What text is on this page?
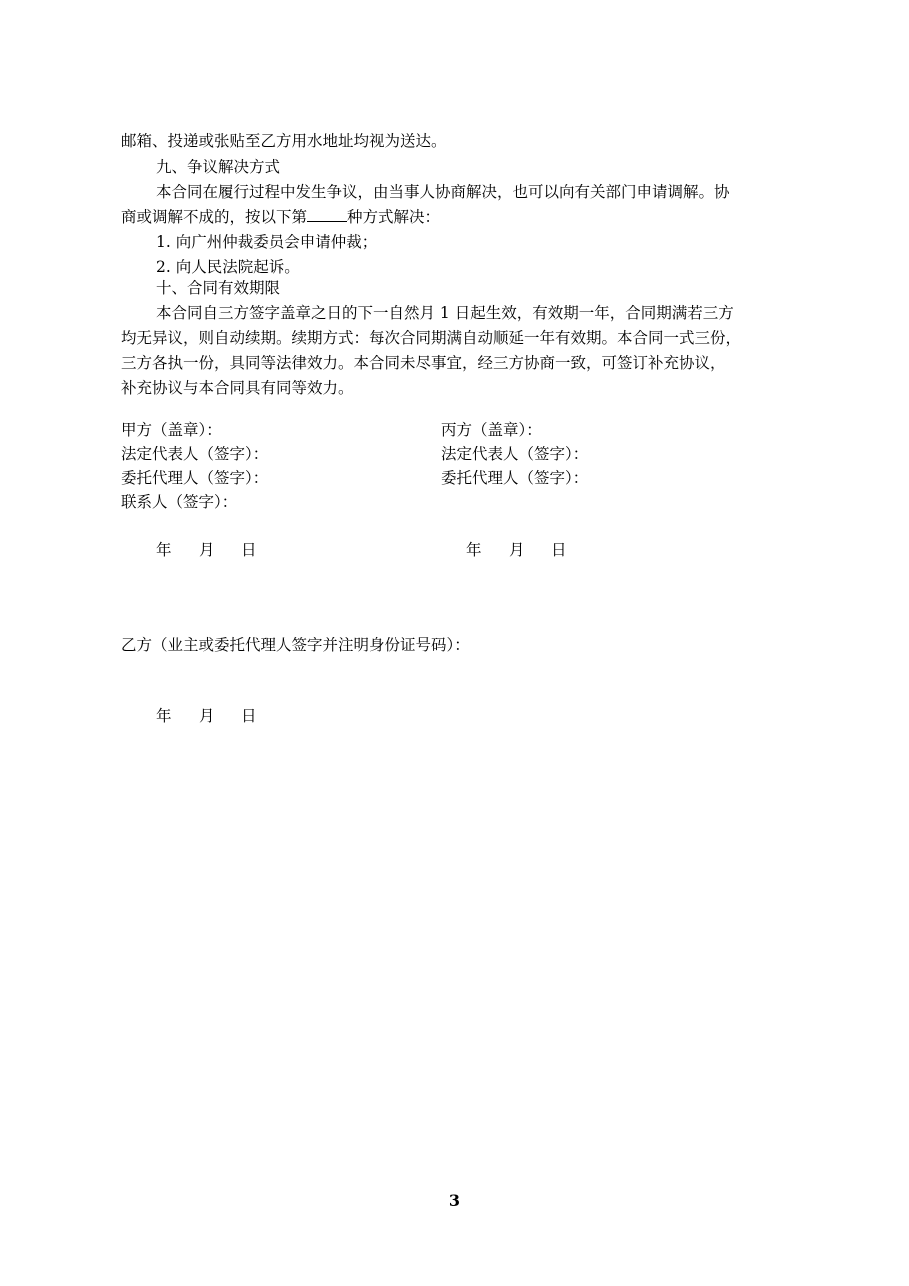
邮箱、投递或张贴至乙方用水地址均视为送达。
九、争议解决方式
本合同在履行过程中发生争议，由当事人协商解决，也可以向有关部门申请调解。协
商或调解不成的，按以下第	种方式解决：
1. 向广州仲裁委员会申请仲裁；
2. 向人民法院起诉。
十、合同有效期限
本合同自三方签字盖章之日的下一自然月 1 日起生效，有效期一年，合同期满若三方
均无异议，则自动续期。续期方式：每次合同期满自动顺延一年有效期。本合同一式三份，
三方各执一份，具同等法律效力。本合同未尽事宜，经三方协商一致，可签订补充协议，
补充协议与本合同具有同等效力。
甲方（盖章）：
法定代表人（签字）：
委托代理人（签字）：
联系人（签字）：
丙方（盖章）：
法定代表人（签字）：
委托代理人（签字）：
年 月 日	年 月 日
乙方（业主或委托代理人签字并注明身份证号码）：
年 月 日
3
